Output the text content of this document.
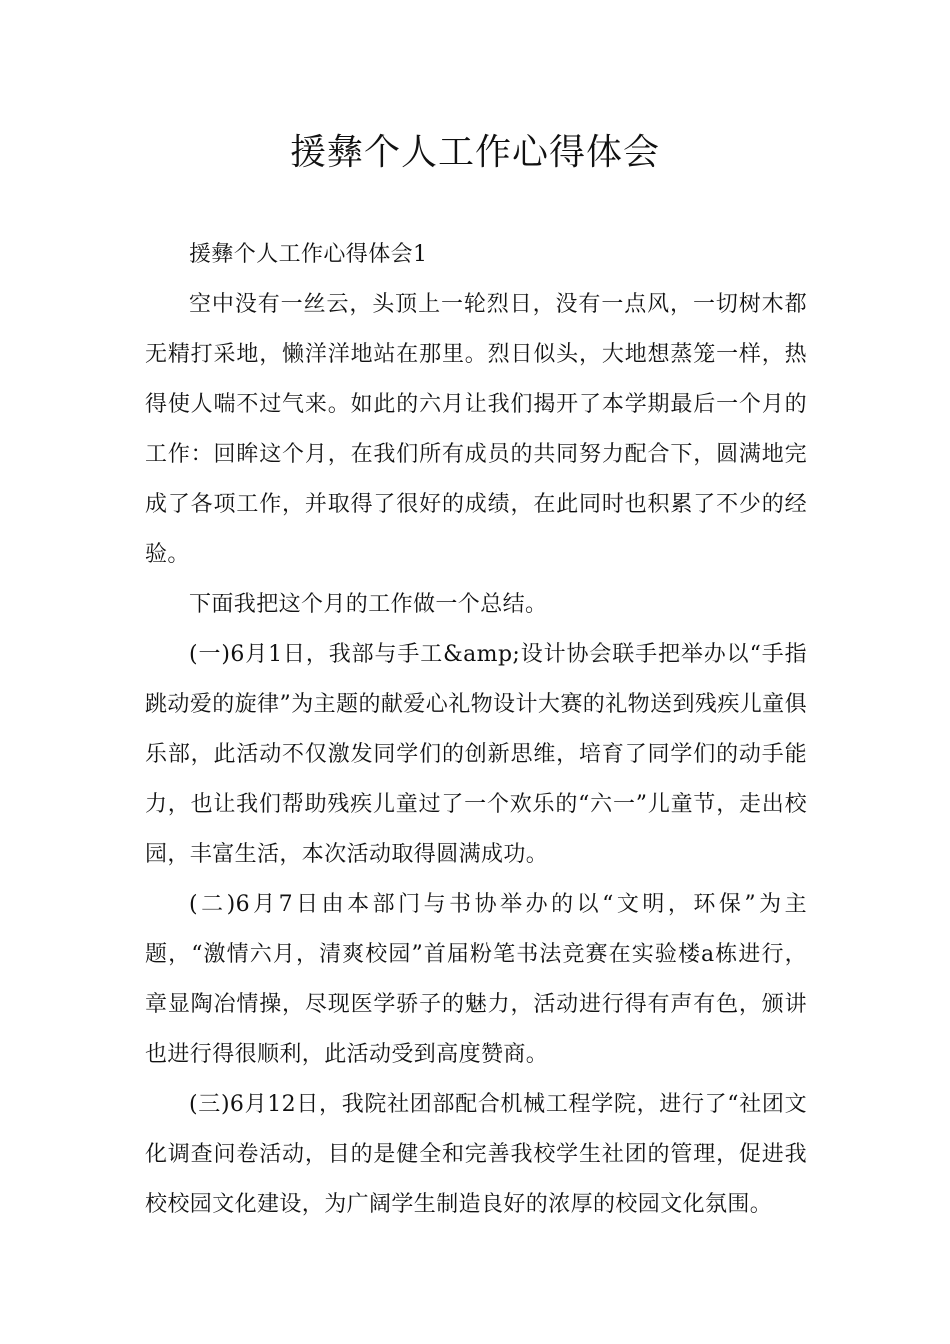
援彝个人工作心得体会

援彝个人工作心得体会1

空中没有一丝云，头顶上一轮烈日，没有一点风，一切树木都无精打采地，懒洋洋地站在那里。烈日似头，大地想蒸笼一样，热得使人喘不过气来。如此的六月让我们揭开了本学期最后一个月的工作：回眸这个月，在我们所有成员的共同努力配合下，圆满地完成了各项工作，并取得了很好的成绩，在此同时也积累了不少的经验。

下面我把这个月的工作做一个总结。

(一)6月1日，我部与手工&amp;设计协会联手把举办以“手指跳动爱的旋律”为主题的献爱心礼物设计大赛的礼物送到残疾儿童俱乐部，此活动不仅激发同学们的创新思维，培育了同学们的动手能力，也让我们帮助残疾儿童过了一个欢乐的“六一”儿童节，走出校园，丰富生活，本次活动取得圆满成功。

(二)6月7日由本部门与书协举办的以“文明，环保”为主题，“激情六月，清爽校园”首届粉笔书法竞赛在实验楼a栋进行，章显陶冶情操，尽现医学骄子的魅力，活动进行得有声有色，颁讲也进行得很顺利，此活动受到高度赞商。

(三)6月12日，我院社团部配合机械工程学院，进行了“社团文化调查问卷活动，目的是健全和完善我校学生社团的管理，促进我校校园文化建设，为广阔学生制造良好的浓厚的校园文化氛围。
